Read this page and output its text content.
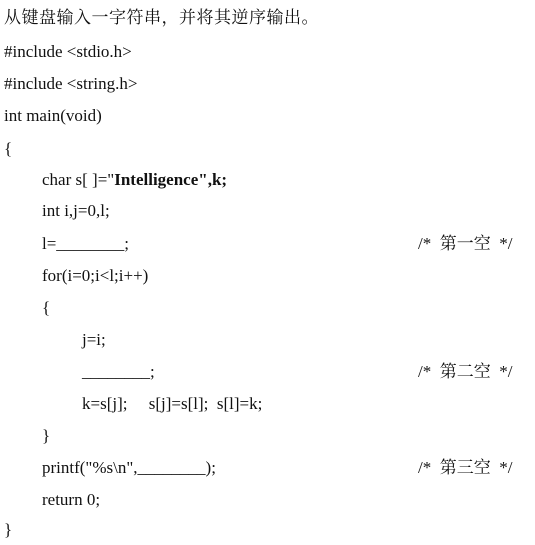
从键盘输入一字符串，并将其逆序输出。
#include <stdio.h>
#include <string.h>
int main(void)
{
char s[ ]="Intelligence",k;
int i,j=0,l;
l=________;	/*  第一空  */
for(i=0;i<l;i++)
{
j=i;
________;	/*  第二空  */
k=s[j];     s[j]=s[l];  s[l]=k;
}
printf("%s\n",________);	/*  第三空  */
return 0;
}
